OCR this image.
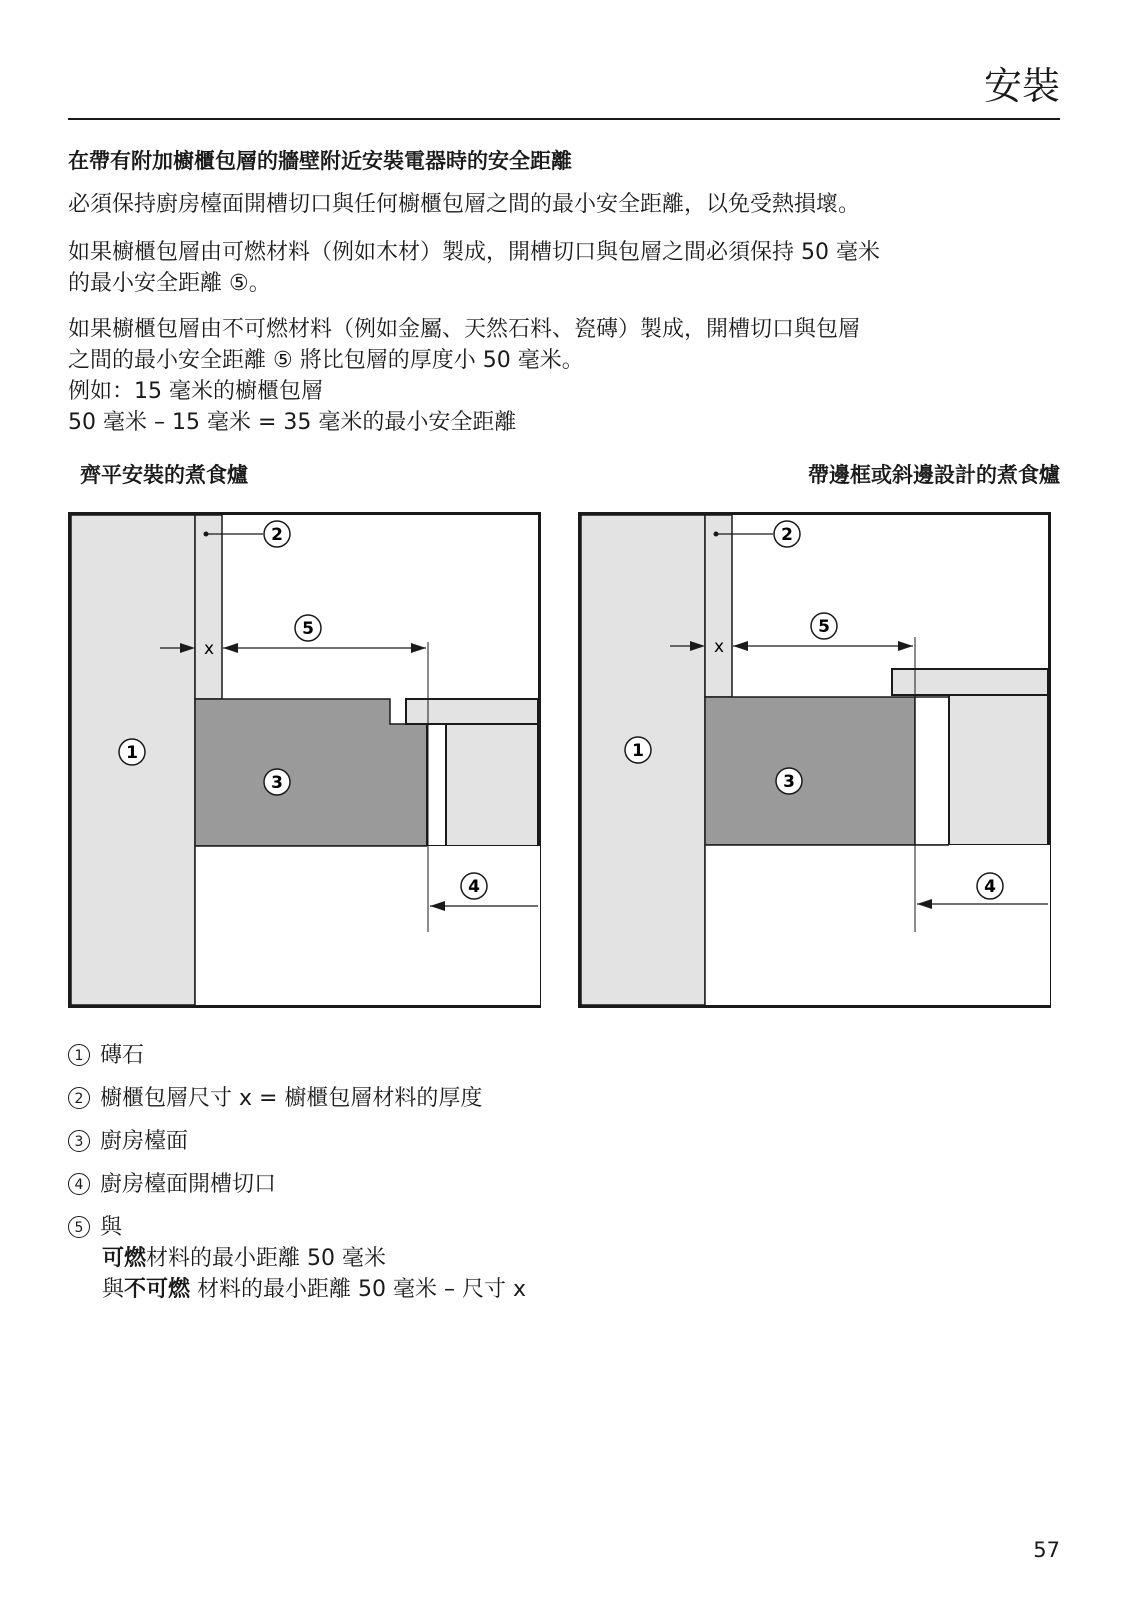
安裝
在帶有附加櫥櫃包層的牆壁附近安裝電器時的安全距離
必須保持廚房檯面開槽切口與任何櫥櫃包層之間的最小安全距離，以免受熱損壞。
如果櫥櫃包層由可燃材料（例如木材）製成，開槽切口與包層之間必須保持 50 毫米
的最小安全距離 ⑤。
如果櫥櫃包層由不可燃材料（例如金屬、天然石料、瓷磚）製成，開槽切口與包層
之間的最小安全距離 ⑤ 將比包層的厚度小 50 毫米。
例如：15 毫米的櫥櫃包層
50 毫米 – 15 毫米 = 35 毫米的最小安全距離
齊平安裝的煮食爐	帶邊框或斜邊設計的煮食爐
2
x
5
1
3
4
2
x
5
1
3
4
1 磚石
2 櫥櫃包層尺寸 x = 櫥櫃包層材料的厚度
3 廚房檯面
4 廚房檯面開槽切口
5 與
可燃材料的最小距離 50 毫米
與不可燃 材料的最小距離 50 毫米 – 尺寸 x
57
